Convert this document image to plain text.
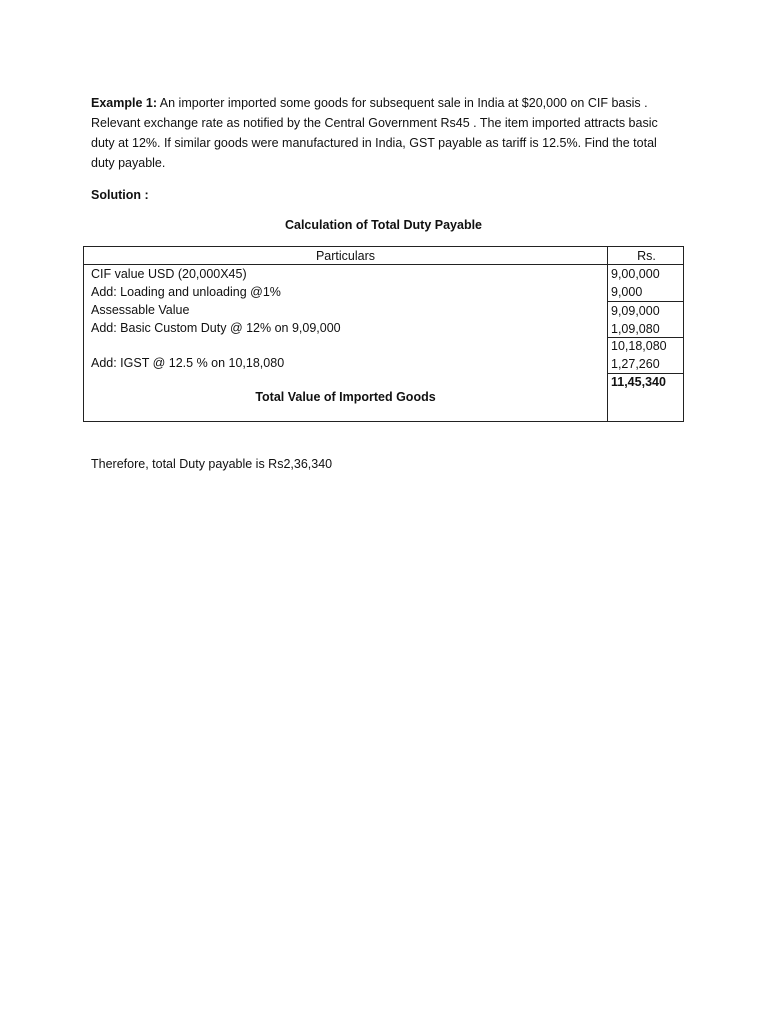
Example 1: An importer imported some goods for subsequent sale in India at $20,000 on CIF basis .
Relevant exchange rate as notified by the Central Government Rs45 . The item imported attracts basic
duty at 12%. If similar goods were manufactured in India, GST payable as tariff is 12.5%. Find the total
duty payable.

Solution :

Calculation of Total Duty Payable

Particulars	Rs.
CIF value USD (20,000X45)
Add: Loading and unloading @1%
Assessable Value
Add: Basic Custom Duty @ 12% on 9,09,000
Add: IGST @ 12.5 % on 10,18,080
9,00,000
9,000
9,09,000
1,09,080
10,18,080
1,27,260
11,45,340
Total Value of Imported Goods

Therefore, total Duty payable is Rs2,36,340
